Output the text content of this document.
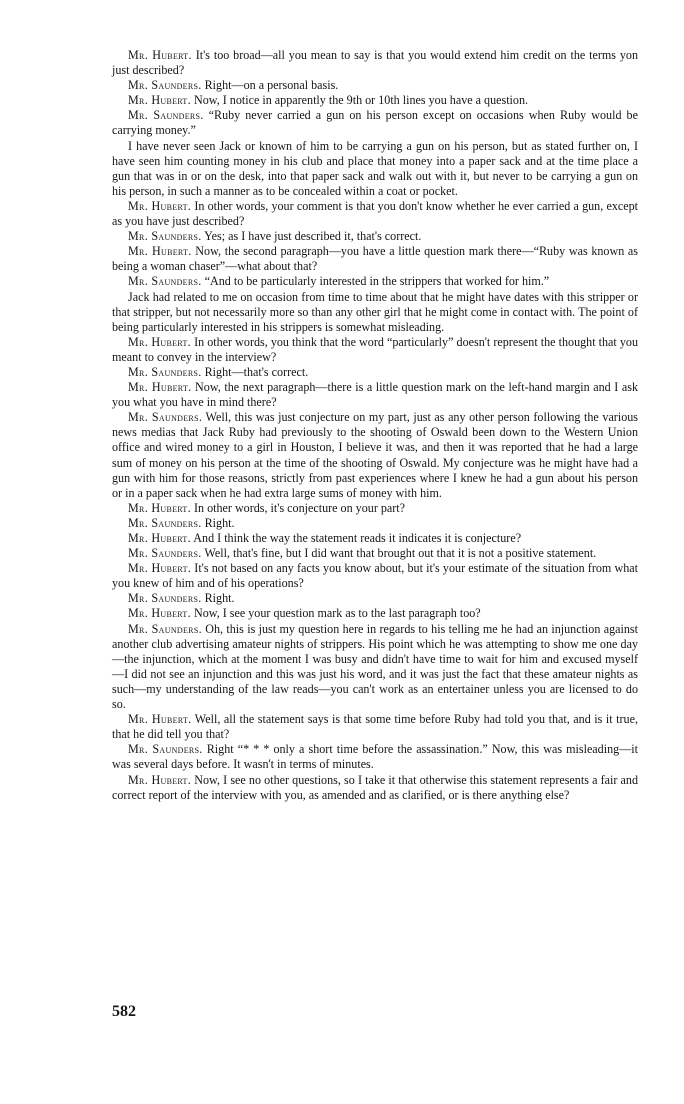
Mr. Hubert. It's too broad—all you mean to say is that you would extend him credit on the terms yon just described?

Mr. Saunders. Right—on a personal basis.

Mr. Hubert. Now, I notice in apparently the 9th or 10th lines you have a question.

Mr. Saunders. “Ruby never carried a gun on his person except on occasions when Ruby would be carrying money.”

I have never seen Jack or known of him to be carrying a gun on his person, but as stated further on, I have seen him counting money in his club and place that money into a paper sack and at the time place a gun that was in or on the desk, into that paper sack and walk out with it, but never to be carrying a gun on his person, in such a manner as to be concealed within a coat or pocket.

Mr. Hubert. In other words, your comment is that you don't know whether he ever carried a gun, except as you have just described?

Mr. Saunders. Yes; as I have just described it, that's correct.

Mr. Hubert. Now, the second paragraph—you have a little question mark there—“Ruby was known as being a woman chaser”—what about that?

Mr. Saunders. “And to be particularly interested in the strippers that worked for him.”

Jack had related to me on occasion from time to time about that he might have dates with this stripper or that stripper, but not necessarily more so than any other girl that he might come in contact with. The point of being particularly interested in his strippers is somewhat misleading.

Mr. Hubert. In other words, you think that the word “particularly” doesn't represent the thought that you meant to convey in the interview?

Mr. Saunders. Right—that's correct.

Mr. Hubert. Now, the next paragraph—there is a little question mark on the left-hand margin and I ask you what you have in mind there?

Mr. Saunders. Well, this was just conjecture on my part, just as any other person following the various news medias that Jack Ruby had previously to the shooting of Oswald been down to the Western Union office and wired money to a girl in Houston, I believe it was, and then it was reported that he had a large sum of money on his person at the time of the shooting of Oswald. My conjecture was he might have had a gun with him for those reasons, strictly from past experiences where I knew he had a gun about his person or in a paper sack when he had extra large sums of money with him.

Mr. Hubert. In other words, it's conjecture on your part?

Mr. Saunders. Right.

Mr. Hubert. And I think the way the statement reads it indicates it is conjecture?

Mr. Saunders. Well, that's fine, but I did want that brought out that it is not a positive statement.

Mr. Hubert. It's not based on any facts you know about, but it's your estimate of the situation from what you knew of him and of his operations?

Mr. Saunders. Right.

Mr. Hubert. Now, I see your question mark as to the last paragraph too?

Mr. Saunders. Oh, this is just my question here in regards to his telling me he had an injunction against another club advertising amateur nights of strippers. His point which he was attempting to show me one day—the injunction, which at the moment I was busy and didn't have time to wait for him and excused myself—I did not see an injunction and this was just his word, and it was just the fact that these amateur nights as such—my understanding of the law reads—you can't work as an entertainer unless you are licensed to do so.

Mr. Hubert. Well, all the statement says is that some time before Ruby had told you that, and is it true, that he did tell you that?

Mr. Saunders. Right “* * * only a short time before the assassination.” Now, this was misleading—it was several days before. It wasn't in terms of minutes.

Mr. Hubert. Now, I see no other questions, so I take it that otherwise this statement represents a fair and correct report of the interview with you, as amended and as clarified, or is there anything else?

582
